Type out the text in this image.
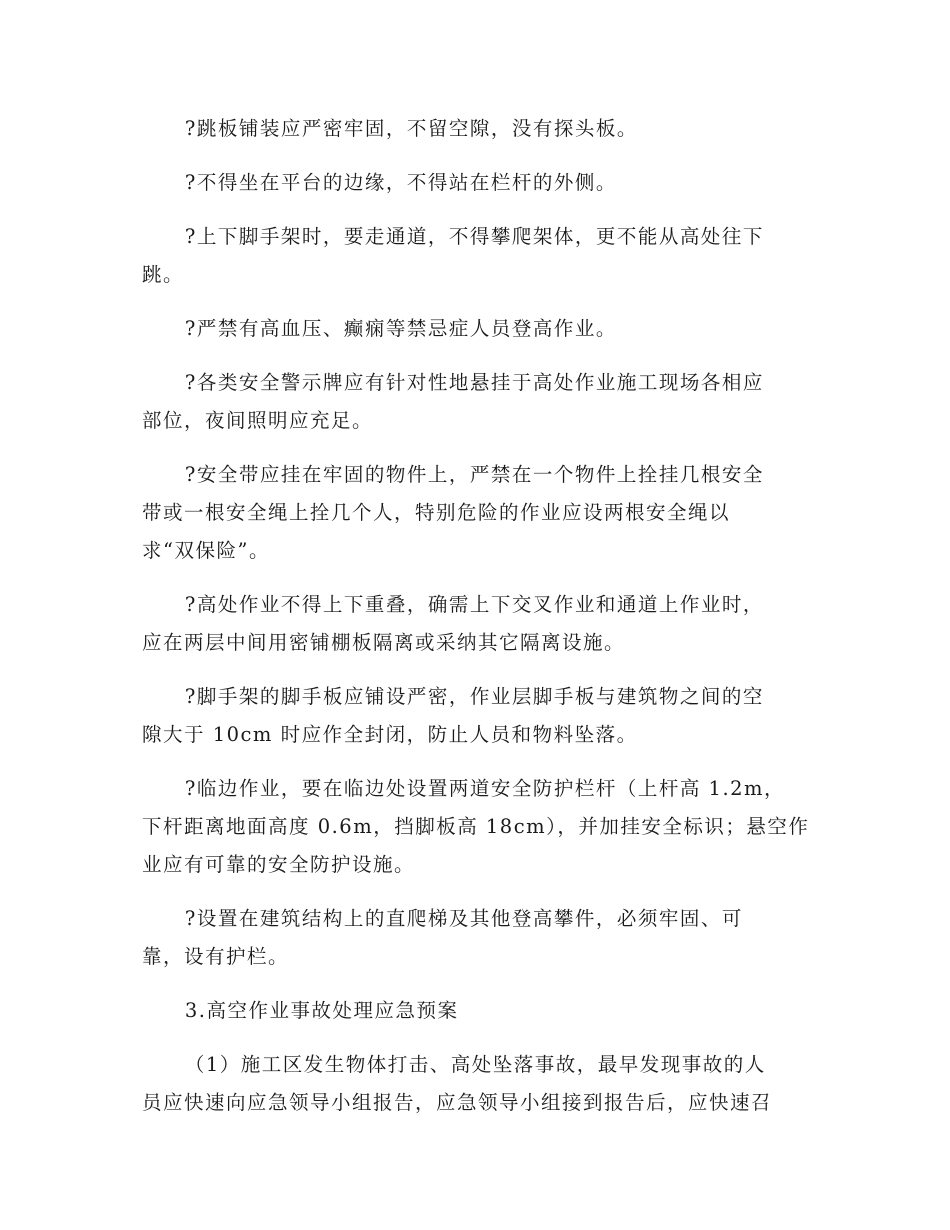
?跳板铺装应严密牢固，不留空隙，没有探头板。

?不得坐在平台的边缘，不得站在栏杆的外侧。

?上下脚手架时，要走通道，不得攀爬架体，更不能从高处往下
跳。

?严禁有高血压、癫痫等禁忌症人员登高作业。

?各类安全警示牌应有针对性地悬挂于高处作业施工现场各相应
部位，夜间照明应充足。

?安全带应挂在牢固的物件上，严禁在一个物件上拴挂几根安全
带或一根安全绳上拴几个人，特别危险的作业应设两根安全绳以
求“双保险”。

?高处作业不得上下重叠，确需上下交叉作业和通道上作业时，
应在两层中间用密铺棚板隔离或采纳其它隔离设施。

?脚手架的脚手板应铺设严密，作业层脚手板与建筑物之间的空
隙大于 10cm 时应作全封闭，防止人员和物料坠落。

?临边作业，要在临边处设置两道安全防护栏杆（上杆高 1.2m，
下杆距离地面高度 0.6m，挡脚板高 18cm），并加挂安全标识；悬空作
业应有可靠的安全防护设施。

?设置在建筑结构上的直爬梯及其他登高攀件，必须牢固、可
靠，设有护栏。

3.高空作业事故处理应急预案

（1）施工区发生物体打击、高处坠落事故，最早发现事故的人
员应快速向应急领导小组报告，应急领导小组接到报告后，应快速召
